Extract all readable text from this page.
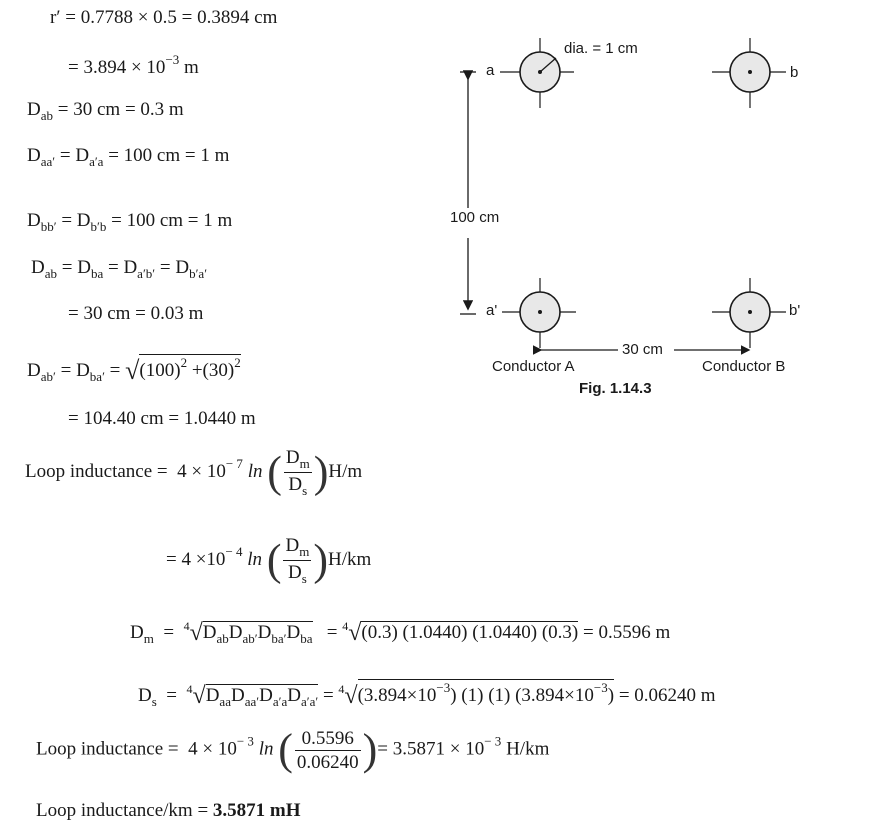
r′ = 0.7788 × 0.5 = 0.3894 cm
= $3.894 \times 10^{-3}$ m
$D_{ab} = 30$ cm = 0.3 m
$D_{aa'} = D_{a'a} = 100$ cm = 1 m
$D_{bb'} = D_{b'b} = 100$ cm = 1 m
$D_{ab} = D_{ba} = D_{a'b'} = D_{b'a'}$
= 30 cm = 0.03 m
$D_{ab'} = D_{ba'} = √(100)^2 +(30)^2$
= 104.40 cm = 1.0440 m
Loop inductance = $4 \times 10^{- 7}$ ln ( $\frac{D_m}{D_s} )H/m$
= $4 \times 10^{- 4}$ ln ( $\frac{D_m}{D_s} )H/km$
$D_m = ^4√D_{ab}D_{ab'}D_{ba'}D_{ba} = ^4√(0.3)$ (1.0440) (1.0440) (0.3) = 0.5596 m
$D_s = ^4√D_{aa}D_{aa'}D_{a'a}D_{a'a'} = ^4√(3.894\times 10^{-3})$ (1) (1) $(3.894\times 10^{-3}) = 0.06240$ m
Loop inductance =  $4 \times 10^{- 3}$ ln ( $\frac{0.5596}{0.06240}$ )= $3.5871 \times 10^{- 3}$ H/km
Loop inductance/km = 3.5871 mH
a	b
a'	b'
dia. = 1 cm
100 cm
30 cm
Conductor A	Conductor B
Fig. 1.14.3
